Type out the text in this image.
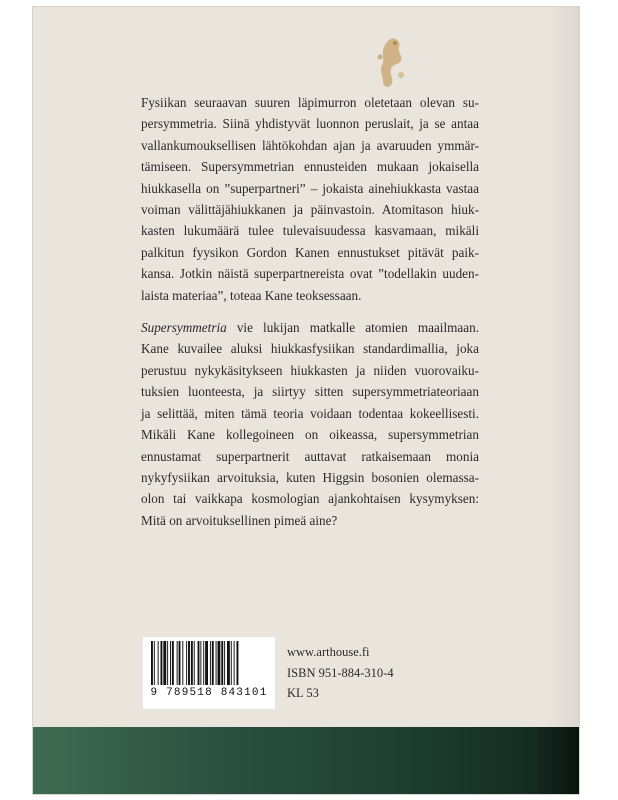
Fysiikan seuraavan suuren läpimurron oletetaan olevan su-
persymmetria. Siinä yhdistyvät luonnon peruslait, ja se antaa
vallankumouksellisen lähtökohdan ajan ja avaruuden ymmär-
tämiseen. Supersymmetrian ennusteiden mukaan jokaisella
hiukkasella on ”superpartneri” – jokaista ainehiukkasta vastaa
voiman välittäjähiukkanen ja päinvastoin. Atomitason hiuk-
kasten lukumäärä tulee tulevaisuudessa kasvamaan, mikäli
palkitun fyysikon Gordon Kanen ennustukset pitävät paik-
kansa. Jotkin näistä superpartnereista ovat ”todellakin uuden-
laista materiaa”, toteaa Kane teoksessaan.

Supersymmetria vie lukijan matkalle atomien maailmaan.
Kane kuvailee aluksi hiukkasfysiikan standardimallia, joka
perustuu nykykäsitykseen hiukkasten ja niiden vuorovaiku-
tuksien luonteesta, ja siirtyy sitten supersymmetriateoriaan
ja selittää, miten tämä teoria voidaan todentaa kokeellisesti.
Mikäli Kane kollegoineen on oikeassa, supersymmetrian
ennustamat superpartnerit auttavat ratkaisemaan monia
nykyfysiikan arvoituksia, kuten Higgsin bosonien olemassa-
olon tai vaikkapa kosmologian ajankohtaisen kysymyksen:
Mitä on arvoituksellinen pimeä aine?

9 789518 843101
www.arthouse.fi
ISBN 951-884-310-4
KL 53
